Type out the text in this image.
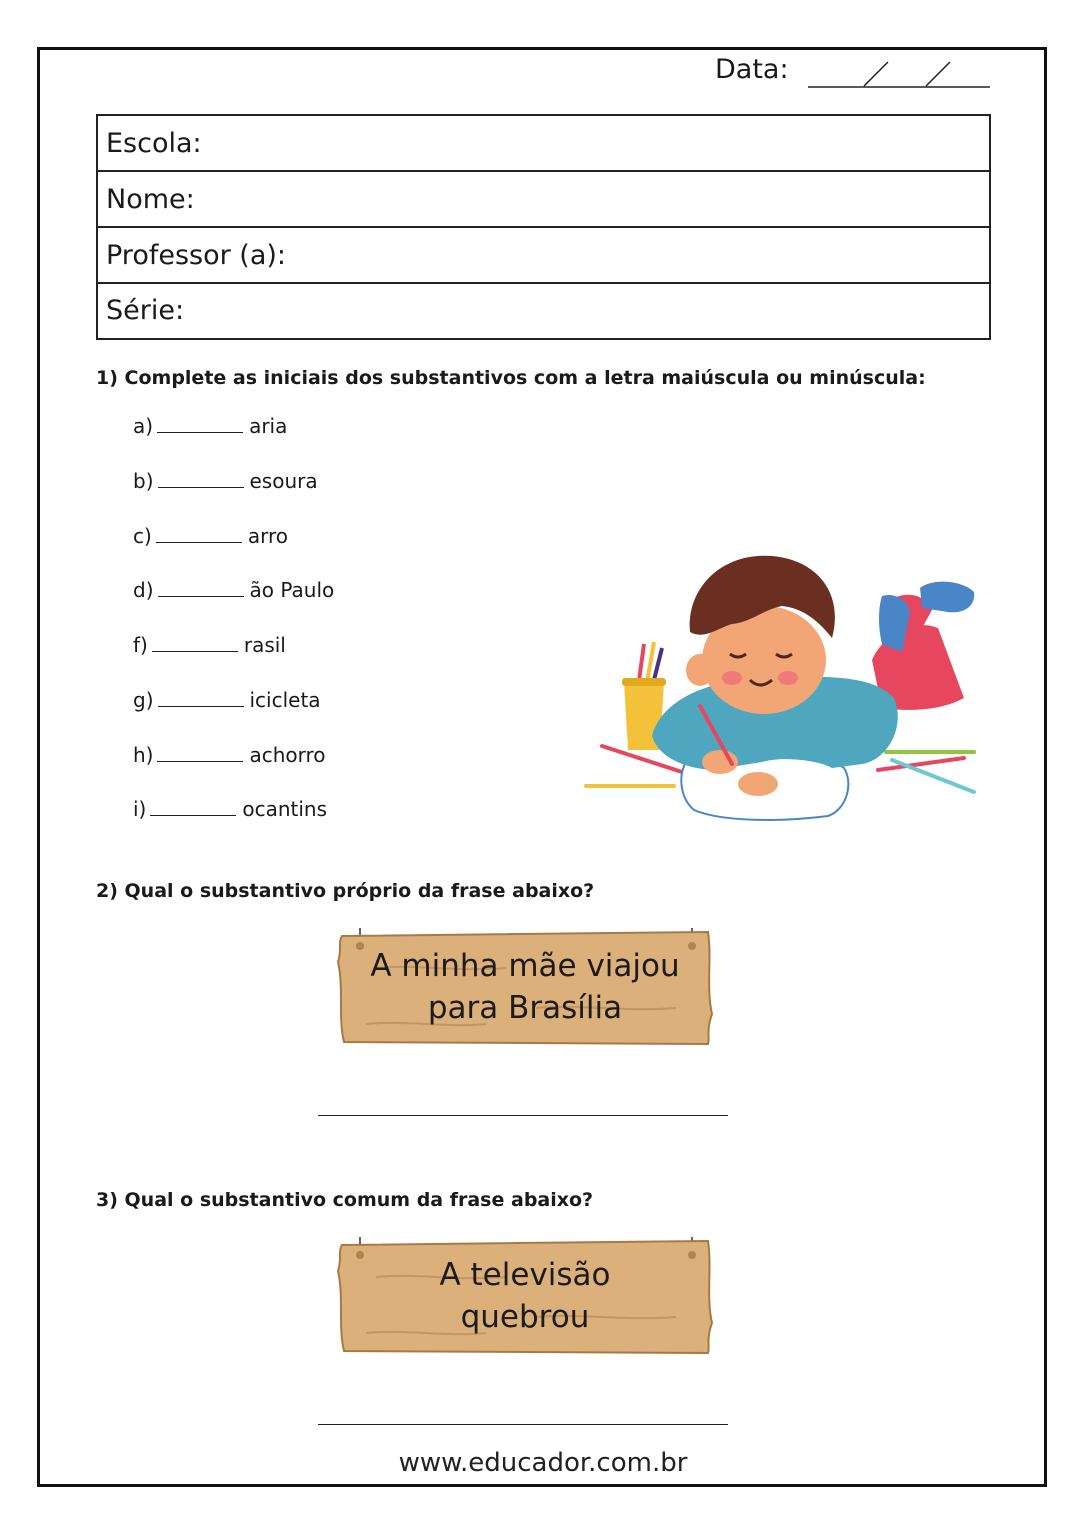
Data:
Escola:
Nome:
Professor (a):
Série:
1) Complete as iniciais dos substantivos com a letra maiúscula ou minúscula:
a)	aria
b)	esoura
c)	arro
d)	ão Paulo
f)	rasil
g)	icicleta
h)	achorro
i)	ocantins
2) Qual o substantivo próprio da frase abaixo?
A minha mãe viajou
para Brasília
3) Qual o substantivo comum da frase abaixo?
A televisão
quebrou
www.educador.com.br
